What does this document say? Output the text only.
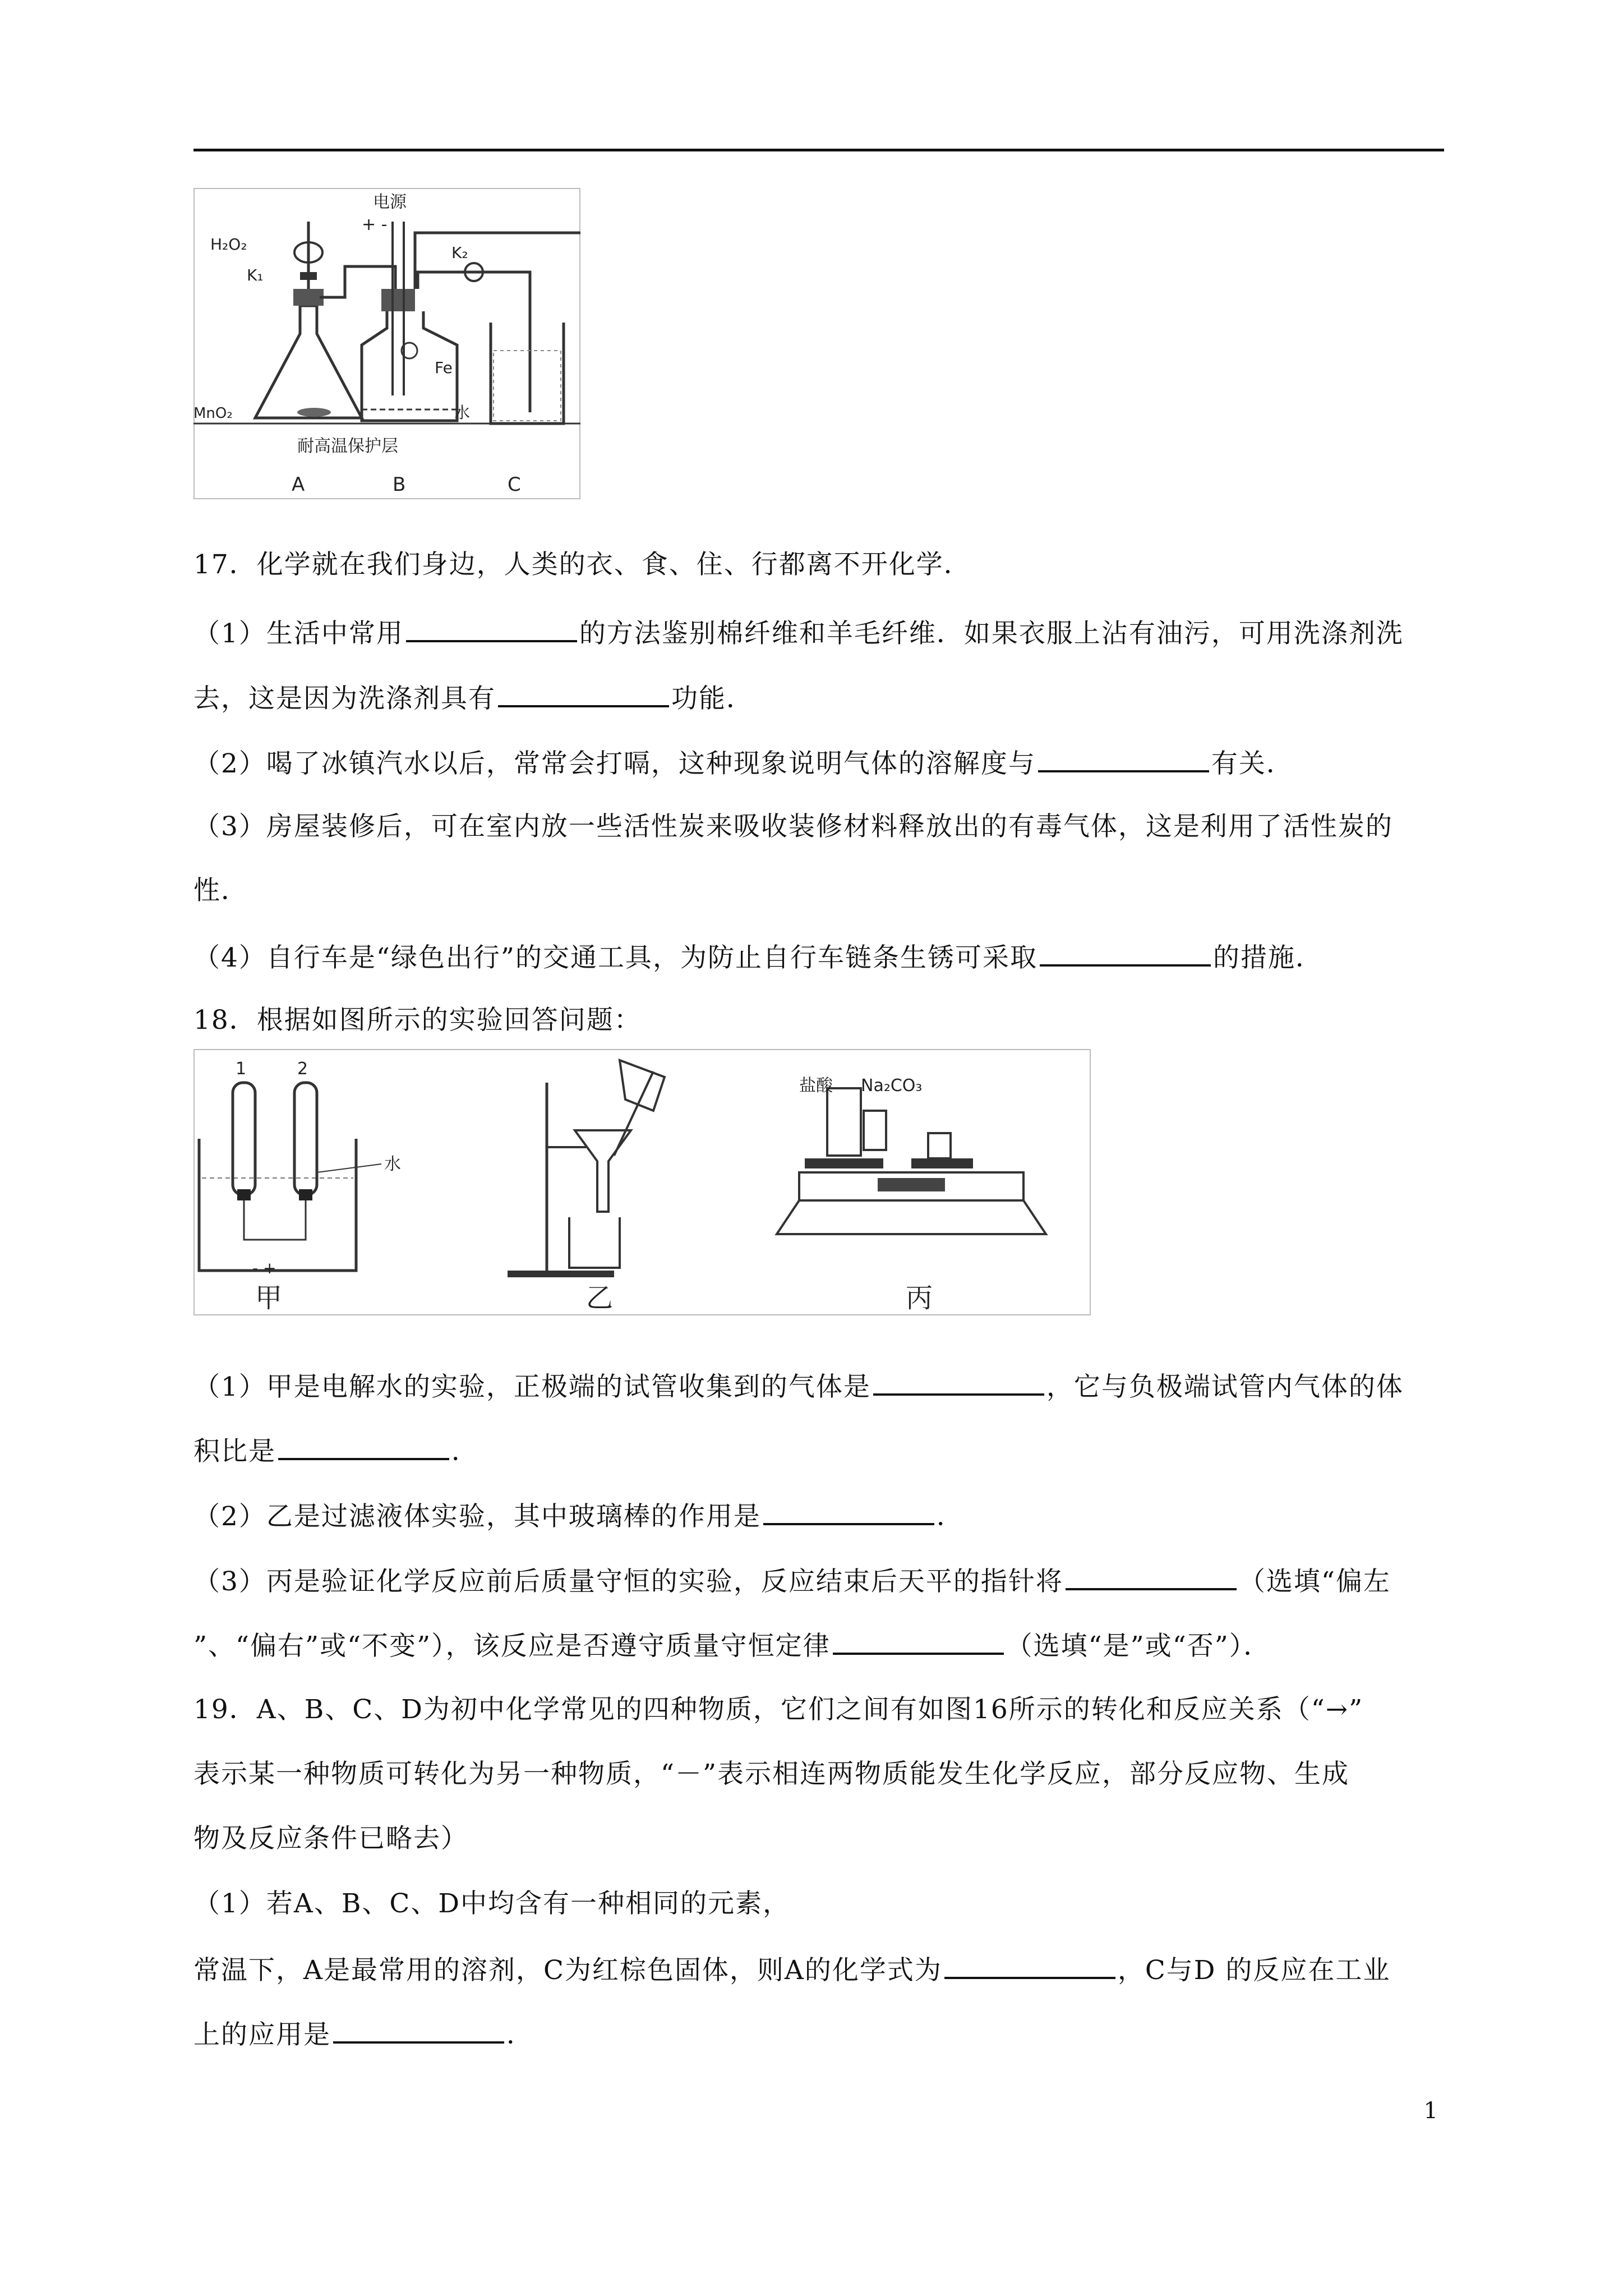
电源
+ -
H₂O₂
K₁
K₂
Fe
水
MnO₂
耐高温保护层
A	B	C
17．化学就在我们身边，人类的衣、食、住、行都离不开化学．
（1）生活中常用	的方法鉴别棉纤维和羊毛纤维．如果衣服上沾有油污，可用洗涤剂洗
去，这是因为洗涤剂具有	功能．
（2）喝了冰镇汽水以后，常常会打嗝，这种现象说明气体的溶解度与	有关．
（3）房屋装修后，可在室内放一些活性炭来吸收装修材料释放出的有毒气体，这是利用了活性炭的
性．
（4）自行车是“绿色出行”的交通工具，为防止自行车链条生锈可采取	的措施．
18．根据如图所示的实验回答问题：
1	2
水
- +
甲	乙
盐酸 Na₂CO₃
丙
（1）甲是电解水的实验，正极端的试管收集到的气体是	，它与负极端试管内气体的体
积比是	．
（2）乙是过滤液体实验，其中玻璃棒的作用是	．
（3）丙是验证化学反应前后质量守恒的实验，反应结束后天平的指针将	（选填“偏左
”、“偏右”或“不变”），该反应是否遵守质量守恒定律	（选填“是”或“否”）．
19．A、B、C、D为初中化学常见的四种物质，它们之间有如图16所示的转化和反应关系（“→”
表示某一种物质可转化为另一种物质，“－”表示相连两物质能发生化学反应，部分反应物、生成
物及反应条件已略去）
（1）若A、B、C、D中均含有一种相同的元素，
常温下，A是最常用的溶剂，C为红棕色固体，则A的化学式为	，C与D 的反应在工业
上的应用是	．
1
